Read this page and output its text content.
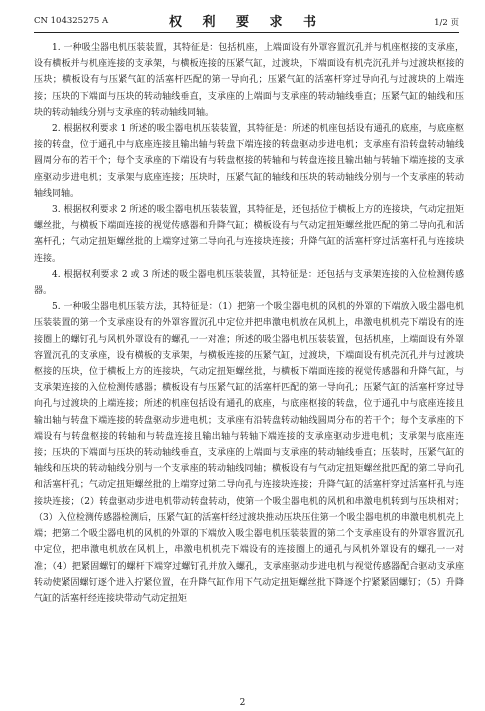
CN 104325275 A	权 利 要 求 书	1/2 页

1. 一种吸尘器电机压装装置，其特征是：包括机座，上端面设有外罩容置沉孔并与机座枢接的支承座，设有横板并与机座连接的支承架，与横板连接的压紧气缸，过渡块，下端面设有机壳沉孔并与过渡块枢接的压块；横板设有与压紧气缸的活塞杆匹配的第一导向孔；压紧气缸的活塞杆穿过导向孔与过渡块的上端连接；压块的下端面与压块的转动轴线垂直，支承座的上端面与支承座的转动轴线垂直；压紧气缸的轴线和压块的转动轴线分别与支承座的转动轴线同轴。

2. 根据权利要求 1 所述的吸尘器电机压装装置，其特征是：所述的机座包括设有通孔的底座，与底座枢接的转盘，位于通孔中与底座连接且输出轴与转盘下端连接的转盘驱动步进电机；支承座有沿转盘转动轴线圆周分布的若干个；每个支承座的下端设有与转盘枢接的转轴和与转盘连接且输出轴与转轴下端连接的支承座驱动步进电机；支承架与底座连接；压块时，压紧气缸的轴线和压块的转动轴线分别与一个支承座的转动轴线同轴。

3. 根据权利要求 2 所述的吸尘器电机压装装置，其特征是，还包括位于横板上方的连接块，气动定扭矩螺丝批，与横板下端面连接的视觉传感器和升降气缸；横板设有与气动定扭矩螺丝批匹配的第二导向孔和活塞杆孔；气动定扭矩螺丝批的上端穿过第二导向孔与连接块连接；升降气缸的活塞杆穿过活塞杆孔与连接块连接。

4. 根据权利要求 2 或 3 所述的吸尘器电机压装装置，其特征是：还包括与支承架连接的入位检测传感器。

5. 一种吸尘器电机压装方法，其特征是：（1）把第一个吸尘器电机的风机的外罩的下端放入吸尘器电机压装装置的第一个支承座设有的外罩容置沉孔中定位并把串激电机放在风机上，串激电机机壳下端设有的连接圈上的螺钉孔与风机外罩设有的螺孔一一对准；所述的吸尘器电机压装装置，包括机座，上端面设有外罩容置沉孔的支承座，设有横板的支承架，与横板连接的压紧气缸，过渡块，下端面设有机壳沉孔并与过渡块枢接的压块，位于横板上方的连接块，气动定扭矩螺丝批，与横板下端面连接的视觉传感器和升降气缸，与支承架连接的入位检测传感器；横板设有与压紧气缸的活塞杆匹配的第一导向孔；压紧气缸的活塞杆穿过导向孔与过渡块的上端连接；所述的机座包括设有通孔的底座，与底座枢接的转盘，位于通孔中与底座连接且输出轴与转盘下端连接的转盘驱动步进电机；支承座有沿转盘转动轴线圆周分布的若干个；每个支承座的下端设有与转盘枢接的转轴和与转盘连接且输出轴与转轴下端连接的支承座驱动步进电机；支承架与底座连接；压块的下端面与压块的转动轴线垂直，支承座的上端面与支承座的转动轴线垂直；压装时，压紧气缸的轴线和压块的转动轴线分别与一个支承座的转动轴线同轴；横板设有与气动定扭矩螺丝批匹配的第二导向孔和活塞杆孔；气动定扭矩螺丝批的上端穿过第二导向孔与连接块连接；升降气缸的活塞杆穿过活塞杆孔与连接块连接；（2）转盘驱动步进电机带动转盘转动，使第一个吸尘器电机的风机和串激电机转到与压块相对；（3）入位检测传感器检测后，压紧气缸的活塞杆经过渡块推动压块压住第一个吸尘器电机的串激电机机壳上端；把第二个吸尘器电机的风机的外罩的下端放入吸尘器电机压装装置的第二个支承座设有的外罩容置沉孔中定位，把串激电机放在风机上，串激电机机壳下端设有的连接圈上的通孔与风机外罩设有的螺孔一一对准；（4）把紧固螺钉的螺杆下端穿过螺钉孔并放入螺孔，支承座驱动步进电机与视觉传感器配合驱动支承座转动使紧固螺钉逐个进入拧紧位置，在升降气缸作用下气动定扭矩螺丝批下降逐个拧紧紧固螺钉；（5）升降气缸的活塞杆经连接块带动气动定扭矩

2
